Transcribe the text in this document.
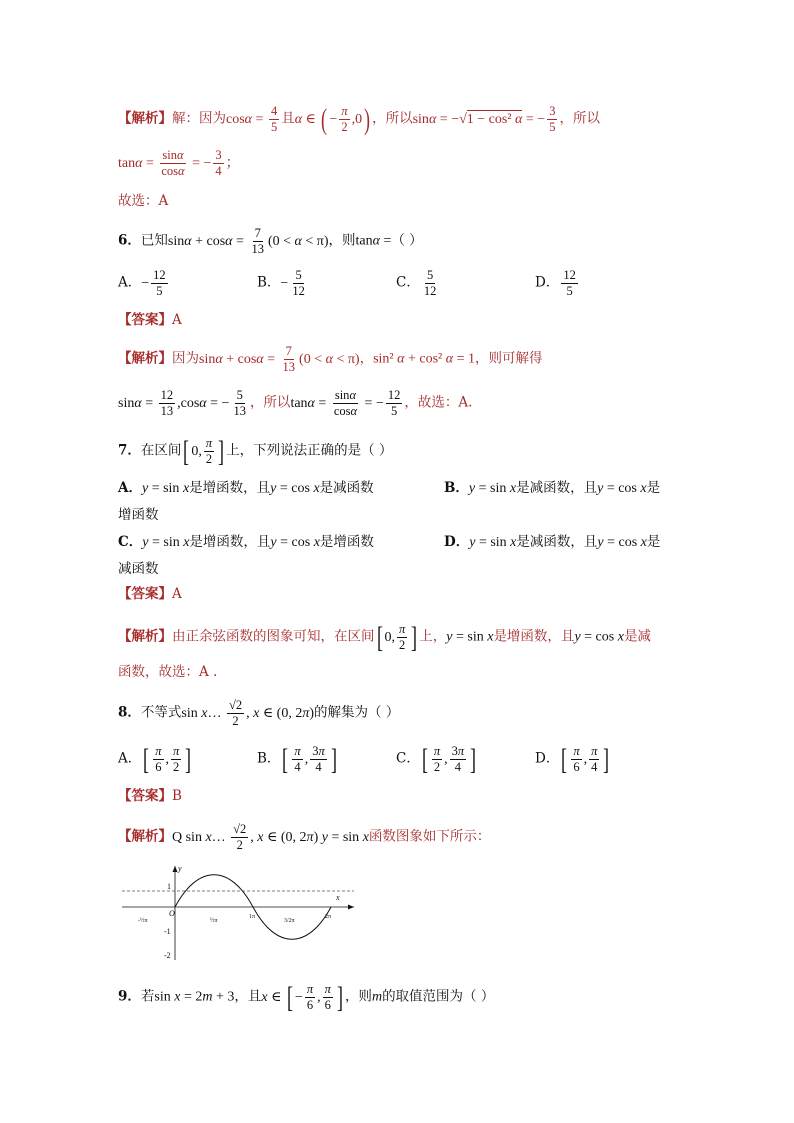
【解析】解：因为$\cos\alpha = \frac{4}{5}$ 且α ∈ ( − $\frac{\pi}{2} ,0$) ，所以sinα = −√1 − cos² α = − $\frac{3}{5}$ ，所以
$\tan\alpha = \frac{\sin\alpha}{\cos\alpha}$ = − $\frac{3}{4}$ ；
故选：A
6．已知$\sin\alpha + \cos\alpha = \frac{7}{13} (0 < \alpha < \pi)$，则tanα =（ ）
A．− $\frac{12}{5}$	B．− $\frac{5}{12}$	C． $\frac{5}{12}$	D． $\frac{12}{5}$
【答案】A
【解析】因为$\sin\alpha + \cos\alpha = \frac{7}{13} (0 < \alpha < \pi)$，sin² α + cos² α = 1，则可解得
$\sin\alpha = \frac{12}{13} ,\cos\alpha$ = − $\frac{5}{13}$ ，所以$\tan\alpha = \frac{\sin\alpha}{\cos\alpha}$ = − $\frac{12}{5}$ ，故选：A.
7．在区间[ 0, $\frac{\pi}{2}$ ] 上，下列说法正确的是（ ）
A．y = sin x是增函数，且y = cos x是减函数	B．y = sin x是减函数，且y = cos x是
增函数
C．y = sin x是增函数，且y = cos x是增函数	D．y = sin x是减函数，且y = cos x是
减函数
【答案】A
【解析】由正余弦函数的图象可知，在区间[ 0, $\frac{\pi}{2}$ ] 上，y = sin x是增函数，且y = cos x是减
函数，故选：A .
8．不等式sin x… $\frac{√2}{2}$ , x ∈ (0, 2π)的解集为（ ）
A．[ $\frac{\pi}{6}$ , $\frac{\pi}{2}$ ]	B．[ $\frac{\pi}{4}$ , $\frac{3\pi}{4}$ ]	C．[ $\frac{\pi}{2}$ , $\frac{3\pi}{4}$ ]	D．[ $\frac{\pi}{6}$ , $\frac{\pi}{4}$ ]
【答案】B
【解析】Q sin x… $\frac{√2}{2}$ , x ∈ (0, 2π) y = sin x函数图象如下所示：
y
x
O
1
-1
-2
-½π	½π
1π
3/2π
2π
9．若sin x = 2m + 3，且x ∈ [ − $\frac{\pi}{6}$ , $\frac{\pi}{6}$ ] ，则m的取值范围为（ ）
